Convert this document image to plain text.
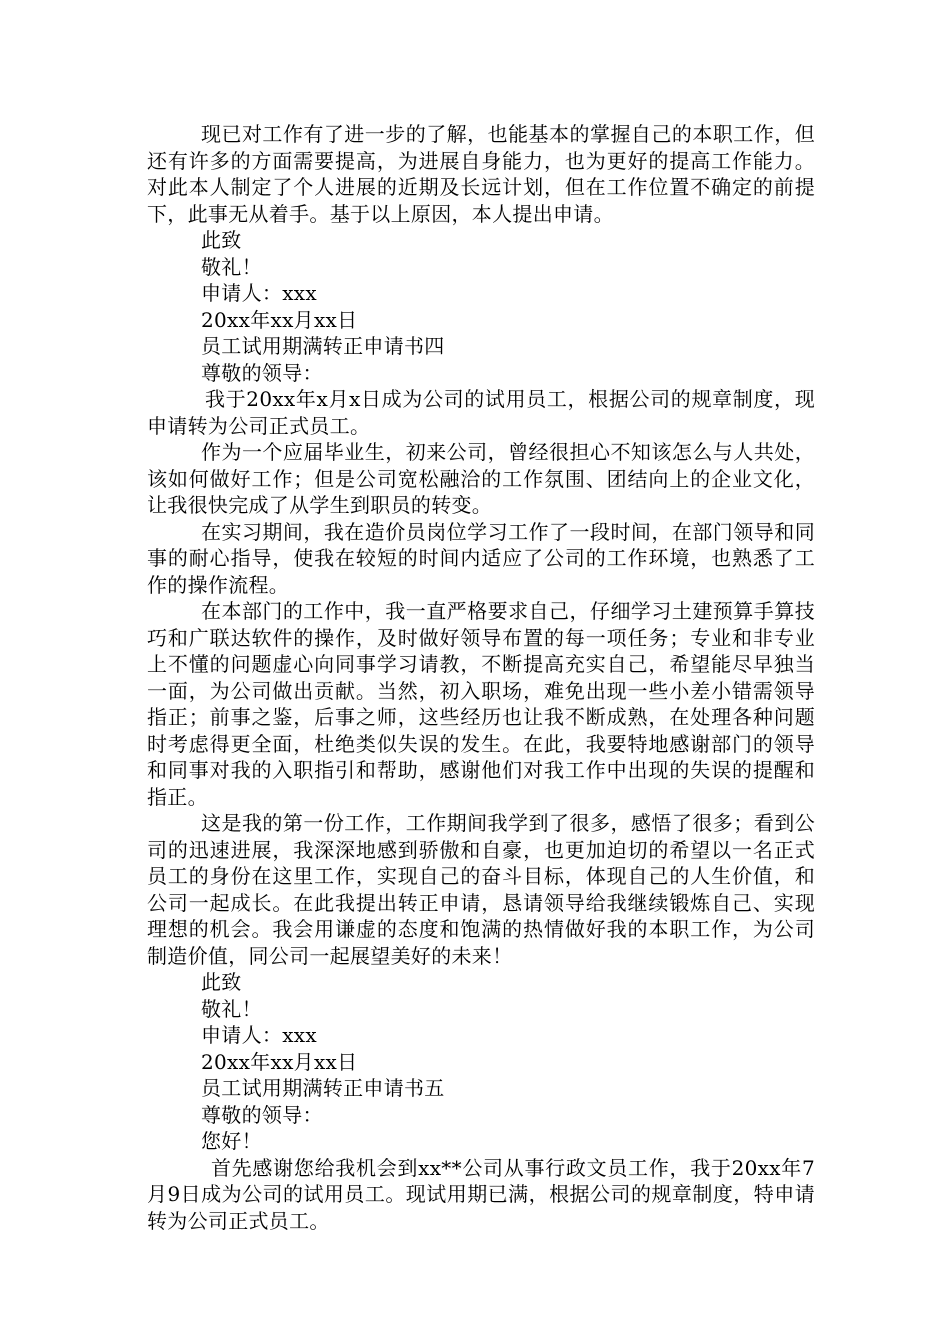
现已对工作有了进一步的了解，也能基本的掌握自己的本职工作，但还有许多的方面需要提高，为进展自身能力，也为更好的提高工作能力。对此本人制定了个人进展的近期及长远计划，但在工作位置不确定的前提下，此事无从着手。基于以上原因，本人提出申请。

此致

敬礼！

申请人：xxx

20xx年xx月xx日

员工试用期满转正申请书四

尊敬的领导：

我于20xx年x月x日成为公司的试用员工，根据公司的规章制度，现申请转为公司正式员工。

作为一个应届毕业生，初来公司，曾经很担心不知该怎么与人共处，该如何做好工作；但是公司宽松融洽的工作氛围、团结向上的企业文化，让我很快完成了从学生到职员的转变。

在实习期间，我在造价员岗位学习工作了一段时间，在部门领导和同事的耐心指导，使我在较短的时间内适应了公司的工作环境，也熟悉了工作的操作流程。

在本部门的工作中，我一直严格要求自己，仔细学习土建预算手算技巧和广联达软件的操作，及时做好领导布置的每一项任务；专业和非专业上不懂的问题虚心向同事学习请教，不断提高充实自己，希望能尽早独当一面，为公司做出贡献。当然，初入职场，难免出现一些小差小错需领导指正；前事之鉴，后事之师，这些经历也让我不断成熟，在处理各种问题时考虑得更全面，杜绝类似失误的发生。在此，我要特地感谢部门的领导和同事对我的入职指引和帮助，感谢他们对我工作中出现的失误的提醒和指正。

这是我的第一份工作，工作期间我学到了很多，感悟了很多；看到公司的迅速进展，我深深地感到骄傲和自豪，也更加迫切的希望以一名正式员工的身份在这里工作，实现自己的奋斗目标，体现自己的人生价值，和公司一起成长。在此我提出转正申请，恳请领导给我继续锻炼自己、实现理想的机会。我会用谦虚的态度和饱满的热情做好我的本职工作，为公司制造价值，同公司一起展望美好的未来！

此致

敬礼！

申请人：xxx

20xx年xx月xx日

员工试用期满转正申请书五

尊敬的领导：

您好！

首先感谢您给我机会到xx**公司从事行政文员工作，我于20xx年7月9日成为公司的试用员工。现试用期已满，根据公司的规章制度，特申请转为公司正式员工。
